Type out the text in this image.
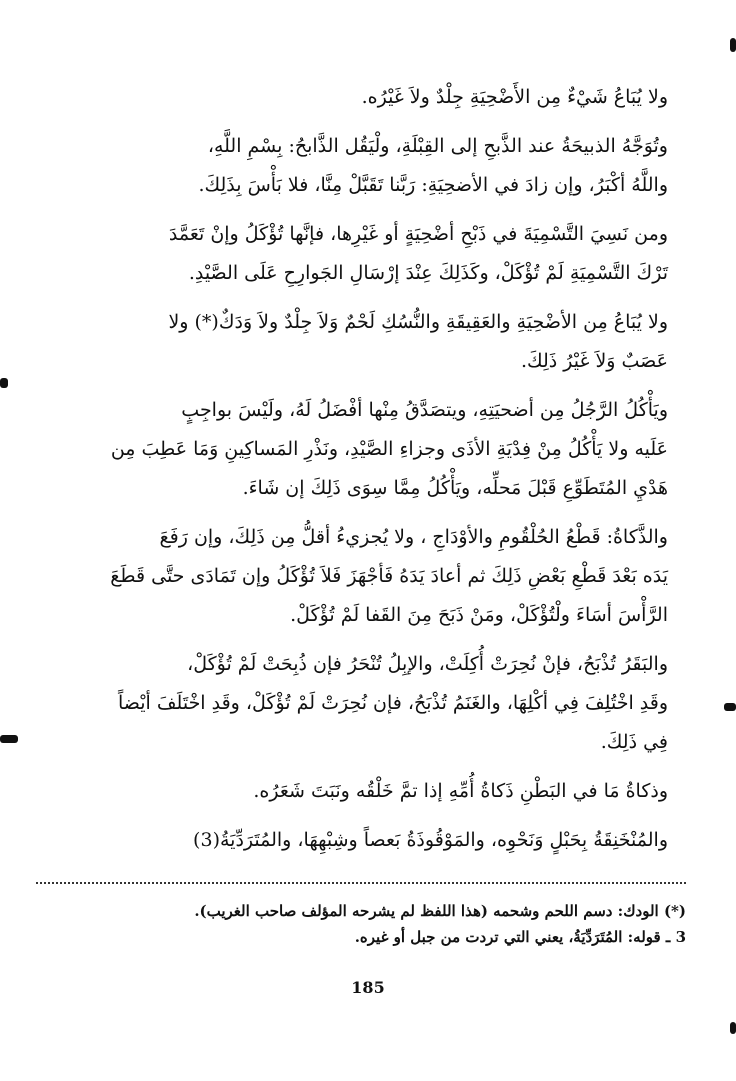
ولا يُبَاعُ شَيْءٌ مِن الأَضْحِيَةِ جِلْدٌ ولاَ غَيْرُه.

وتُوَجَّهُ الذبيحَةُ عند الذَّبحِ إلى القِبْلَةِ، ولْيَقُل الذَّابحُ: بِسْمِ اللَّهِ،
واللَّهُ أكْبَرُ، وإن زادَ في الأضحِيَةِ: رَبَّنا تَقَبَّلْ مِنَّا، فلا بَأْسَ بِذَلِكَ.

ومن نَسِيَ التَّسْمِيَةَ في ذَبْحِ أضْحِيَةٍ أو غَيْرِها، فإنَّها تُؤْكَلُ وإنْ تَعَمَّدَ
تَرْكَ التَّسْمِيَةِ لَمْ تُؤْكَلْ، وكَذَلِكَ عِنْدَ إرْسَالِ الجَوارِحِ عَلَى الصَّيْدِ.

ولا يُبَاعُ مِن الأضْحِيَةِ والعَقِيقَةِ والنُّسُكِ لَحْمٌ وَلاَ جِلْدٌ ولاَ وَدَكٌ(*) ولا
عَصَبٌ وَلاَ غَيْرُ ذَلِكَ.

ويَأْكُلُ الرَّجُلُ مِن أضحيَتِهِ، ويتصَدَّقُ مِنْها أفْضَلُ لَهُ، ولَيْسَ بواجِبٍ
عَلَيه ولا يَأْكُلُ مِنْ فِدْيَةِ الأذَى وجزاءِ الصَّيْدِ، ونَذْرِ المَساكِينِ وَمَا عَطِبَ مِن
هَدْيِ المُتَطَوِّعِ قَبْلَ مَحلِّه، ويَأْكُلُ مِمَّا سِوَى ذَلِكَ إن شَاءَ.

والذَّكاةُ: قَطْعُ الحُلْقُومِ والأوْدَاجِ ، ولا يُجزيءُ أقلُّ مِن ذَلِكَ، وإن رَفَعَ
يَدَه بَعْدَ قَطْعِ بَعْضِ ذَلِكَ ثم أعادَ يَدَهُ فَأجْهَزَ فَلاَ تُؤْكَلُ وإن تَمَادَى حتَّى قَطَعَ
الرَّأْسَ أسَاءَ ولْتُؤْكَلْ، ومَنْ ذَبَحَ مِنَ القَفا لَمْ تُؤْكَلْ.

والبَقَرُ تُذْبَحُ، فإنْ نُحِرَتْ أُكِلَتْ، والإبِلُ تُنْحَرُ فإن ذُبِحَتْ لَمْ تُؤْكَلْ،
وقَدِ اخْتُلِفَ فِي أكْلِهَا، والغَنَمُ تُذْبَحُ، فإن نُحِرَتْ لَمْ تُؤْكَلْ، وقَدِ اخْتَلَفَ أيْضاً
فِي ذَلِكَ.

وذكاةُ مَا في البَطْنِ ذَكاةُ أُمِّهِ إذا تمَّ خَلْقُه ونَبَتَ شَعَرُه.

والمُنْخَنِقَةُ بِحَبْلٍ وَنَحْوِه، والمَوْقُوذَةُ بَعصاً وشِبْهِهَا، والمُتَرَدِّيَةُ(3)

(*) الودك: دسم اللحم وشحمه (هذا اللفظ لم يشرحه المؤلف صاحب الغريب).

3 ـ قوله: المُتَرَدِّيَةُ، يعني التي تردت من جبل أو غيره.

185
